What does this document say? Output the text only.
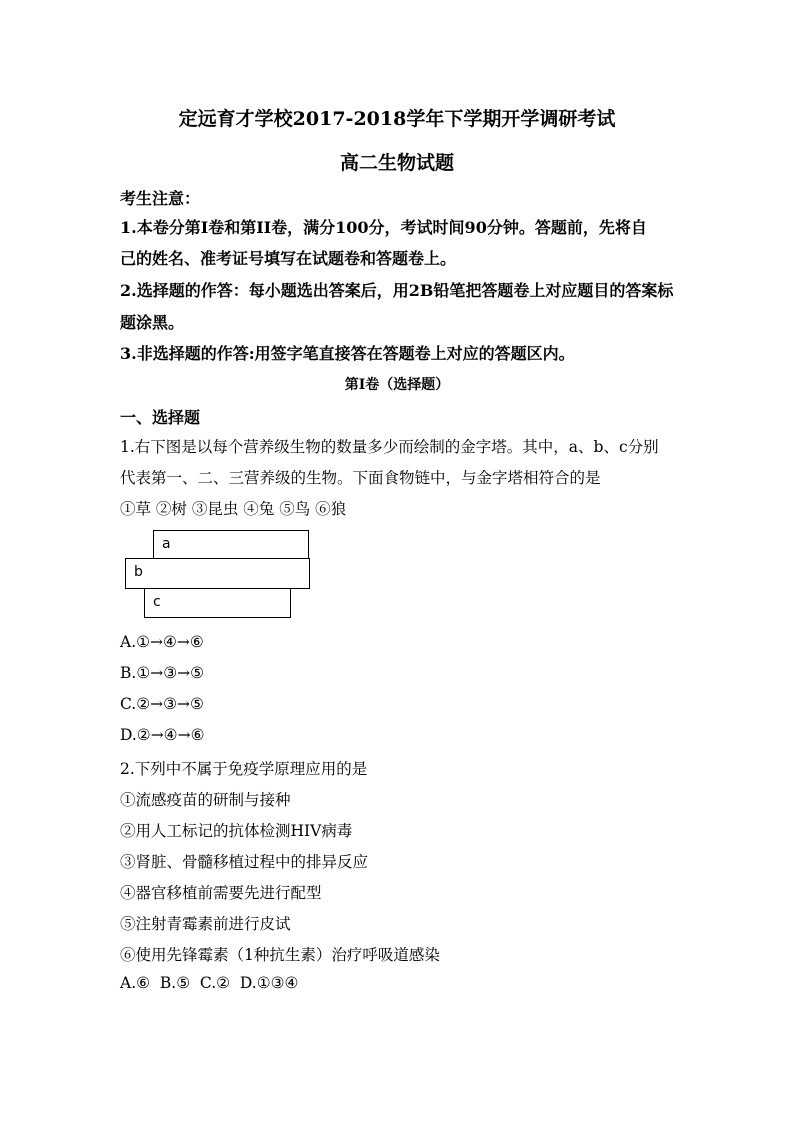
定远育才学校2017-2018学年下学期开学调研考试
高二生物试题
考生注意：
1.本卷分第I卷和第II卷，满分100分，考试时间90分钟。答题前，先将自
己的姓名、准考证号填写在试题卷和答题卷上。
2.选择题的作答：每小题选出答案后，用2B铅笔把答题卷上对应题目的答案标
题涂黑。
3.非选择题的作答:用签字笔直接答在答题卷上对应的答题区内。
第I卷（选择题）
一、选择题
1.右下图是以每个营养级生物的数量多少而绘制的金字塔。其中，a、b、c分别
代表第一、二、三营养级的生物。下面食物链中，与金字塔相符合的是
①草 ②树 ③昆虫 ④兔 ⑤鸟 ⑥狼
a
b
c
A.①→④→⑥
B.①→③→⑤
C.②→③→⑤
D.②→④→⑥
2.下列中不属于免疫学原理应用的是
①流感疫苗的研制与接种
②用人工标记的抗体检测HIV病毒
③肾脏、骨髓移植过程中的排异反应
④器官移植前需要先进行配型
⑤注射青霉素前进行皮试
⑥使用先锋霉素（1种抗生素）治疗呼吸道感染
A.⑥  B.⑤  C.②  D.①③④
